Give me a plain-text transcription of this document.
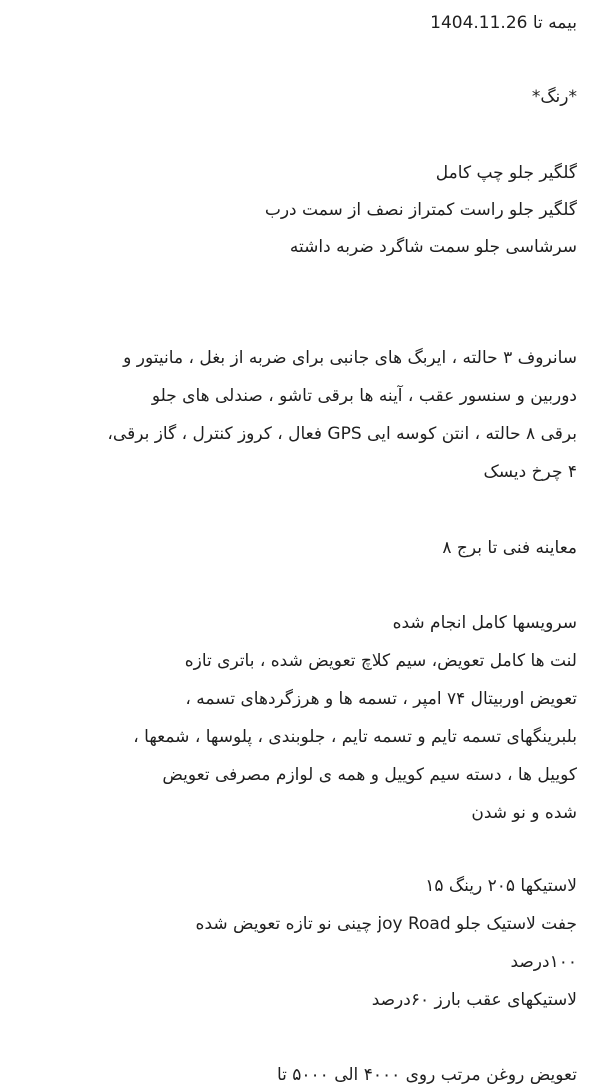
بیمه تا 1404.11.26

*رنگ*

گلگیر جلو چپ کامل

گلگیر جلو راست کمتراز نصف از سمت درب

سرشاسی جلو سمت شاگرد ضربه داشته

سانروف ۳ حالته ، ایربگ های جانبی برای ضربه از بغل ، مانیتور و

دوربین و سنسور عقب ، آینه ها برقی تاشو ، صندلی های جلو

برقی ۸ حالته ، انتن کوسه ایی GPS فعال ، کروز کنترل ، گاز برقی،

۴ چرخ دیسک

معاینه فنی تا برج ۸

سرویسها کامل انجام شده

لنت ها کامل تعویض، سیم کلاچ تعویض شده ، باتری تازه

تعویض اوربیتال ۷۴ امپر ، تسمه ها و هرزگردهای تسمه ،

بلبرینگهای تسمه تایم و تسمه تایم ، جلوبندی ، پلوسها ، شمعها ،

کوییل ها ، دسته سیم کوییل و همه ی لوازم مصرفی تعویض

شده و نو شدن

لاستیکها ۲۰۵ رینگ ۱۵

جفت لاستیک جلو joy Road چینی نو تازه تعویض شده

۱۰۰درصد

لاستیکهای عقب بارز ۶۰درصد

تعویض روغن مرتب روی ۴۰۰۰ الی ۵۰۰۰ تا
